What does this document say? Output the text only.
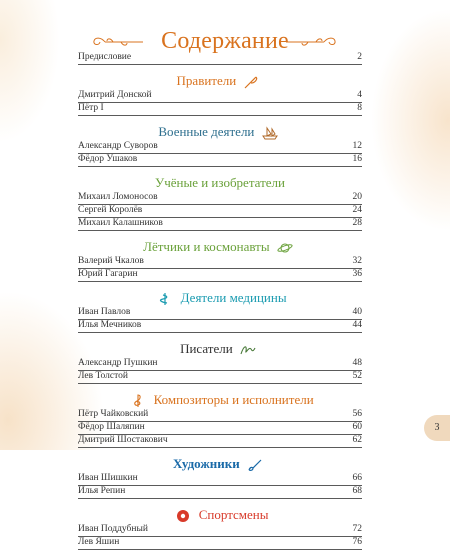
Содержание
Предисловие	2
Правители
Дмитрий Донской	4
Пётр I	8
Военные деятели
Александр Суворов	12
Фёдор Ушаков	16
Учёные и изобретатели
Михаил Ломоносов	20
Сергей Королёв	24
Михаил Калашников	28
Лётчики и космонавты
Валерий Чкалов	32
Юрий Гагарин	36
Деятели медицины
Иван Павлов	40
Илья Мечников	44
Писатели
Александр Пушкин	48
Лев Толстой	52
Композиторы и исполнители
Пётр Чайковский	56
Фёдор Шаляпин	60
Дмитрий Шостакович	62
Художники
Иван Шишкин	66
Илья Репин	68
Спортсмены
Иван Поддубный	72
Лев Яшин	76
3
